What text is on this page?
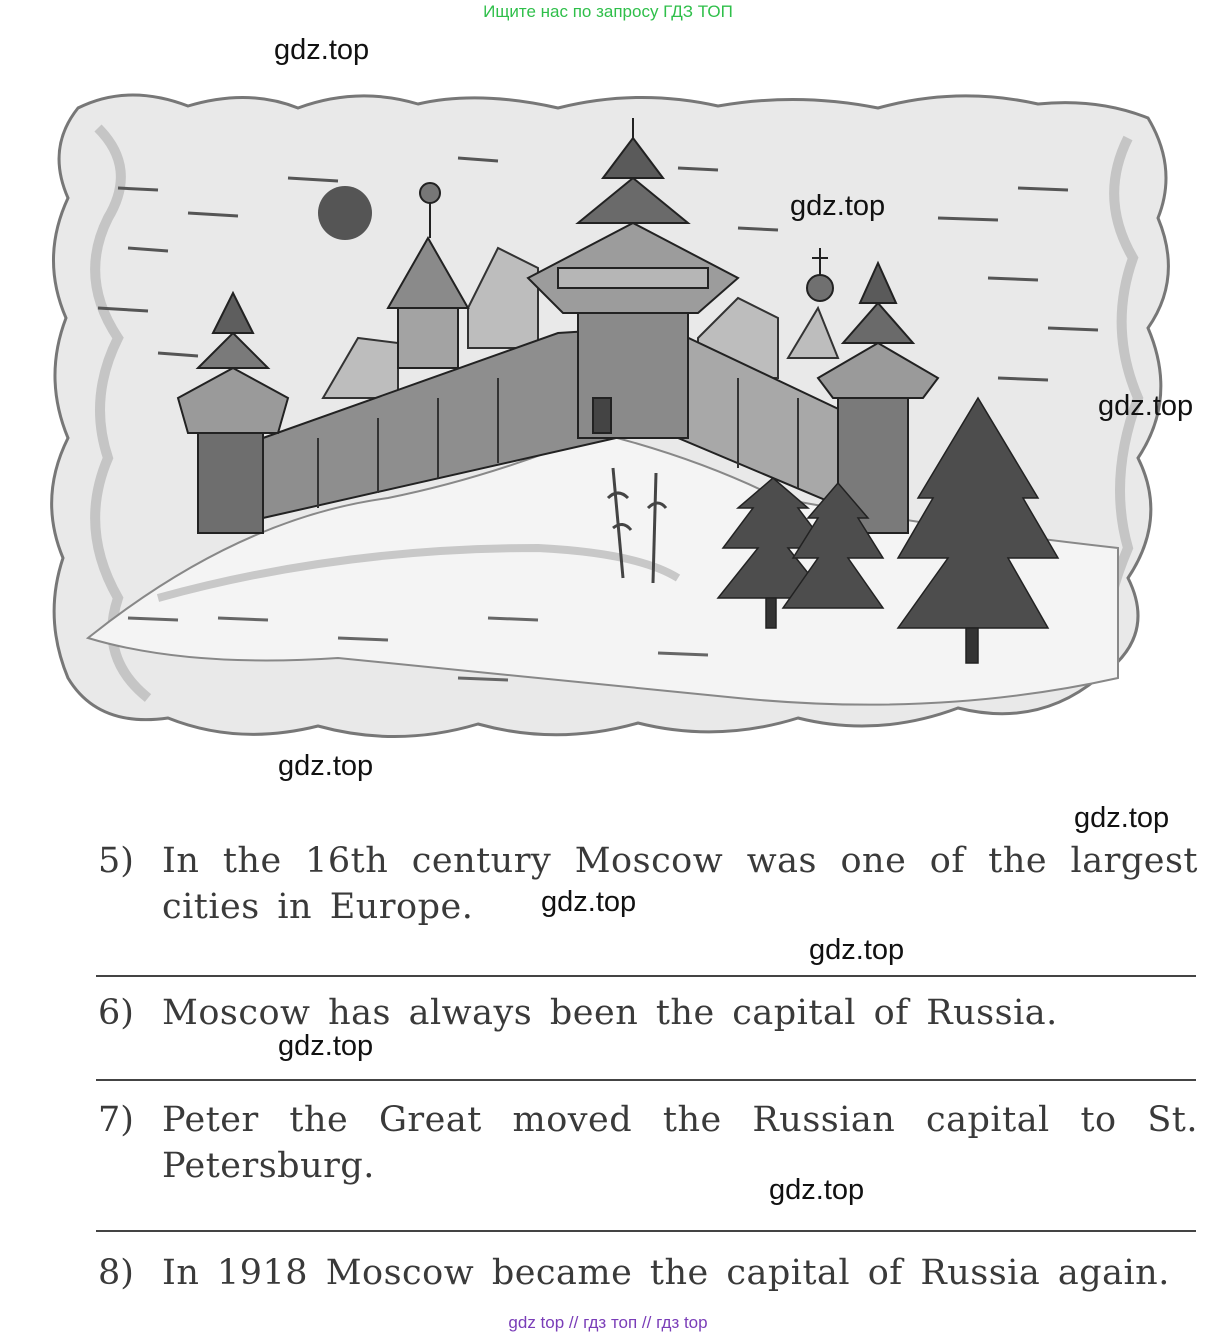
Ищите нас по запросу ГДЗ ТОП
gdz.top
gdz.top
gdz.top
gdz.top
gdz.top
gdz.top
gdz.top
gdz.top
gdz.top
5) In the 16th century Moscow was one of the largest cities in Europe.
6) Moscow has always been the capital of Russia.
7) Peter the Great moved the Russian capital to St. Petersburg.
8) In 1918 Moscow became the capital of Russia again.
gdz top // гдз топ // гдз top
